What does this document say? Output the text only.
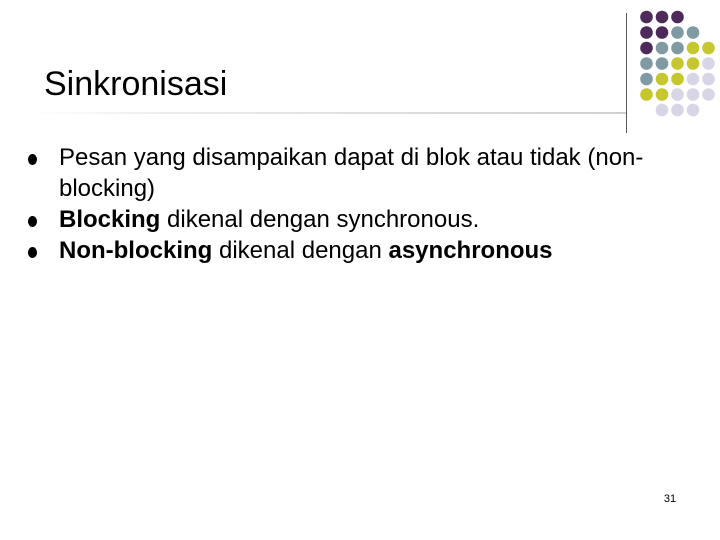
Sinkronisasi
Pesan yang disampaikan dapat di blok atau tidak (non-blocking)
Blocking dikenal dengan synchronous.
Non-blocking dikenal dengan asynchronous
31
